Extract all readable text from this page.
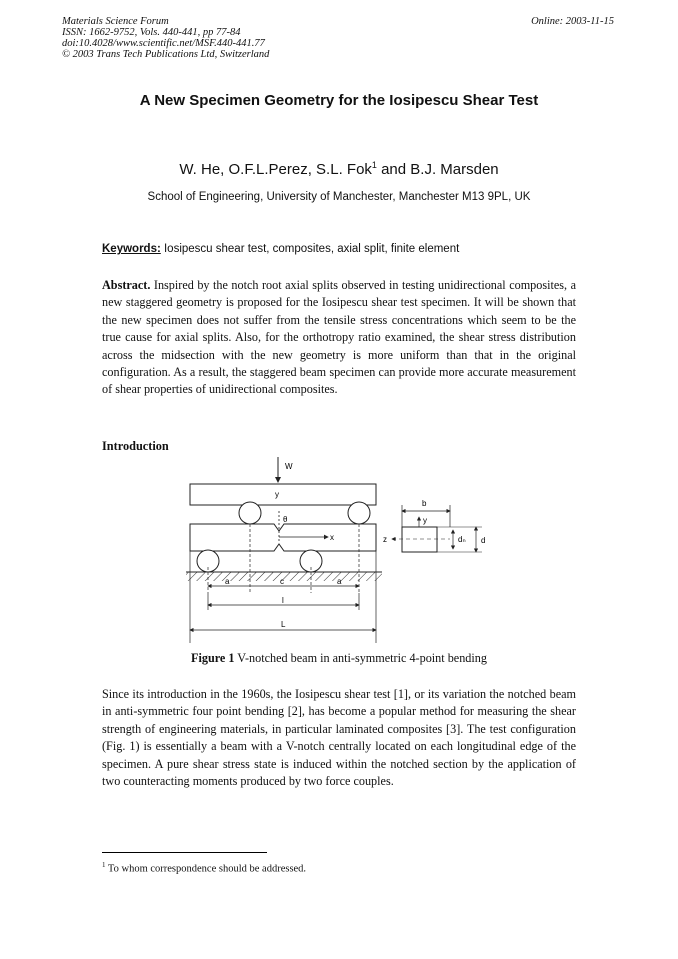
Materials Science Forum
ISSN: 1662-9752, Vols. 440-441, pp 77-84
doi:10.4028/www.scientific.net/MSF.440-441.77
© 2003 Trans Tech Publications Ltd, Switzerland
Online: 2003-11-15
A New Specimen Geometry for the Iosipescu Shear Test
W. He, O.F.L.Perez, S.L. Fok$^1$ and B.J. Marsden
School of Engineering, University of Manchester, Manchester M13 9PL, UK
Keywords: Iosipescu shear test, composites, axial split, finite element
Abstract. Inspired by the notch root axial splits observed in testing unidirectional composites, a new staggered geometry is proposed for the Iosipescu shear test specimen. It will be shown that the new specimen does not suffer from the tensile stress concentrations which seem to be the true cause for axial splits. Also, for the orthotropy ratio examined, the shear stress distribution across the midsection with the new geometry is more uniform than that in the original configuration. As a result, the staggered beam specimen can provide more accurate measurement of shear properties of unidirectional composites.
Introduction
W
y
θ
x
a	c	a
l
L
b
y
z	dₙ d
Figure 1 V-notched beam in anti-symmetric 4-point bending
Since its introduction in the 1960s, the Iosipescu shear test [1], or its variation the notched beam in anti-symmetric four point bending [2], has become a popular method for measuring the shear strength of engineering materials, in particular laminated composites [3]. The test configuration (Fig. 1) is essentially a beam with a V-notch centrally located on each longitudinal edge of the specimen. A pure shear stress state is induced within the notched section by the application of two counteracting moments produced by two force couples.
$^1$ To whom correspondence should be addressed.
